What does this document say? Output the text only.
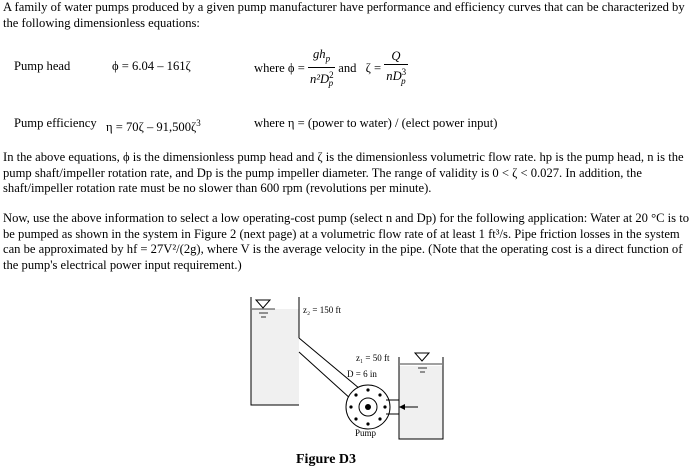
A family of water pumps produced by a given pump manufacturer have performance and efficiency curves that can be characterized by the following dimensionless equations:
Pump head	ϕ = 6.04 – 161ζ	where $\phi = \frac{gh_p}{n^2D^2_p}$ and $\zeta = \frac{Q}{nD^3_p}$
Pump efficiency $\eta = 70\zeta - 91,500\zeta^3$	where η = (power to water) / (elect power input)
In the above equations, ϕ is the dimensionless pump head and ζ is the dimensionless volumetric flow rate. hp is the pump head, n is the pump shaft/impeller rotation rate, and Dp is the pump impeller diameter. The range of validity is 0 < ζ < 0.027. In addition, the shaft/impeller rotation rate must be no slower than 600 rpm (revolutions per minute).
Now, use the above information to select a low operating-cost pump (select n and Dp) for the following application: Water at 20 °C is to be pumped as shown in the system in Figure 2 (next page) at a volumetric flow rate of at least 1 ft³/s. Pipe friction losses in the system can be approximated by hf = 27V²/(2g), where V is the average velocity in the pipe. (Note that the operating cost is a direct function of the pump's electrical power input requirement.)
z₂ = 150 ft
z₁ = 50 ft
D = 6 in
Pump
Figure D3
